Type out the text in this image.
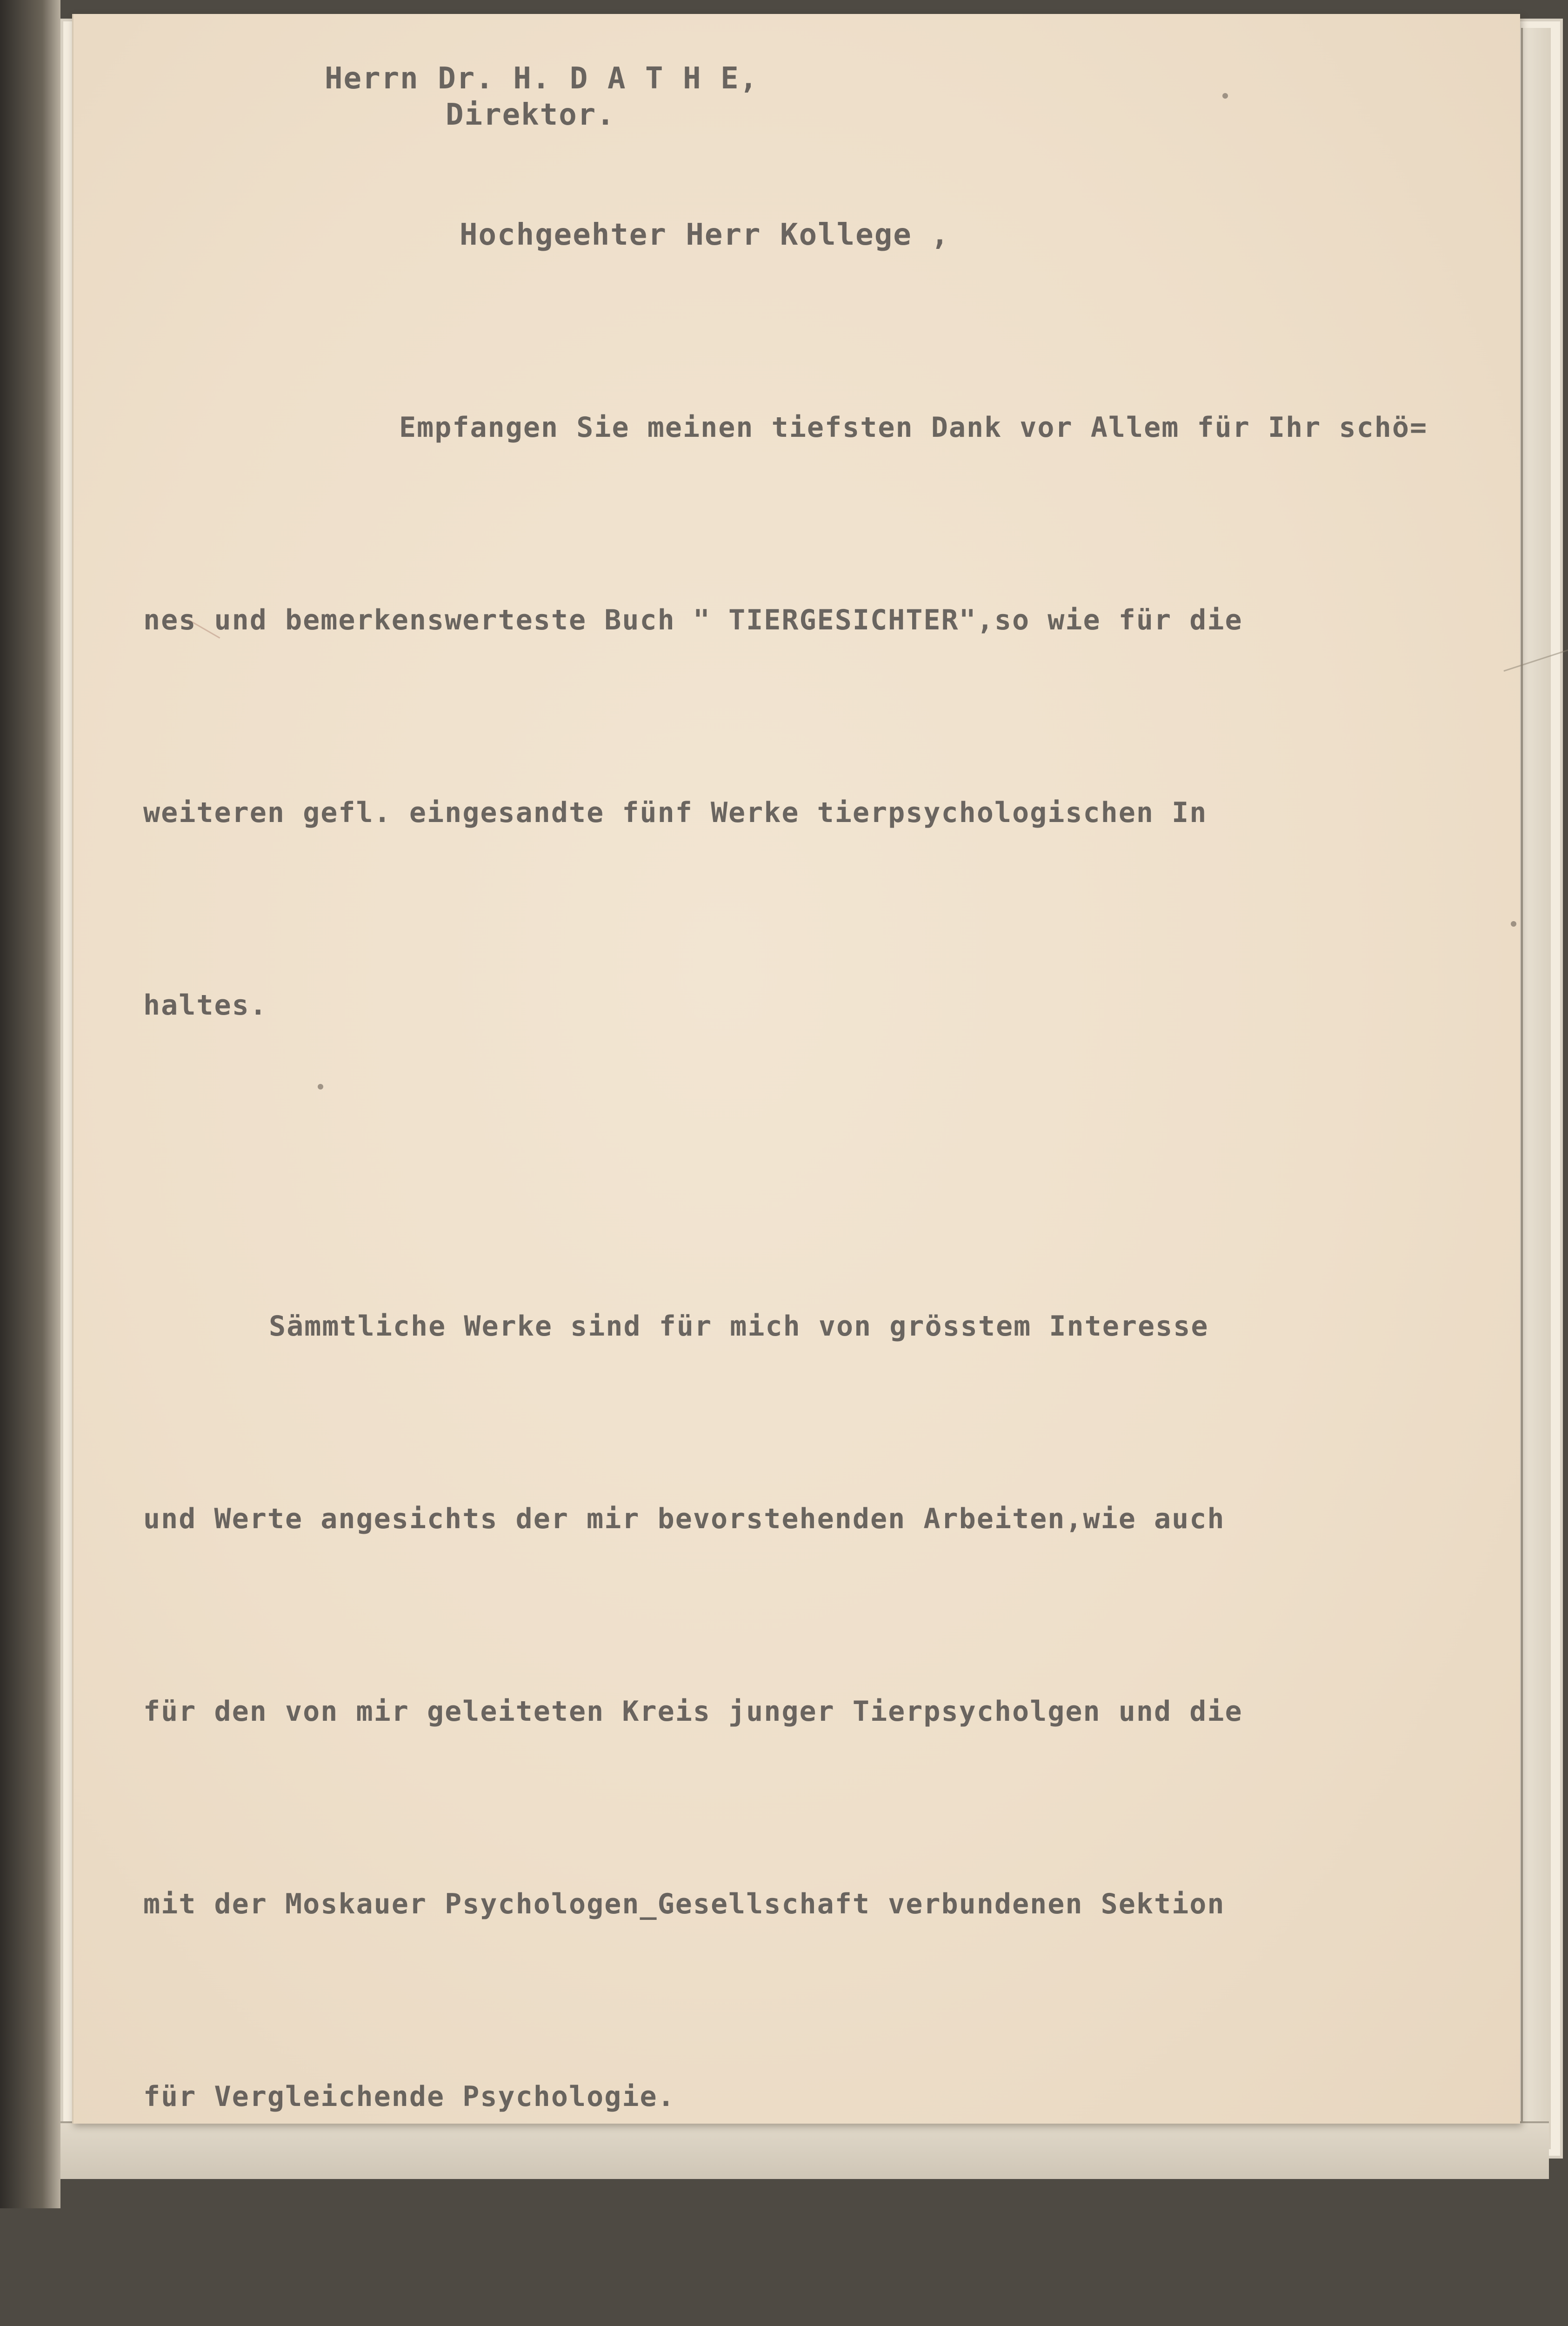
Herrn Dr. H. D A T H E,
Direktor.
Hochgeehter Herr Kollege ,

Empfangen Sie meinen tiefsten Dank vor Allem für Ihr schö=

nes und bemerkenswerteste Buch " TIERGESICHTER",so wie für die

weiteren gefl. eingesandte fünf Werke tierpsychologischen In

haltes.

Sämmtliche Werke sind für mich von grösstem Interesse

und Werte angesichts der mir bevorstehenden Arbeiten,wie auch

für den von mir geleiteten Kreis junger Tierpsycholgen und die

mit der Moskauer Psychologen_Gesellschaft verbundenen Sektion

für Vergleichende Psychologie.
